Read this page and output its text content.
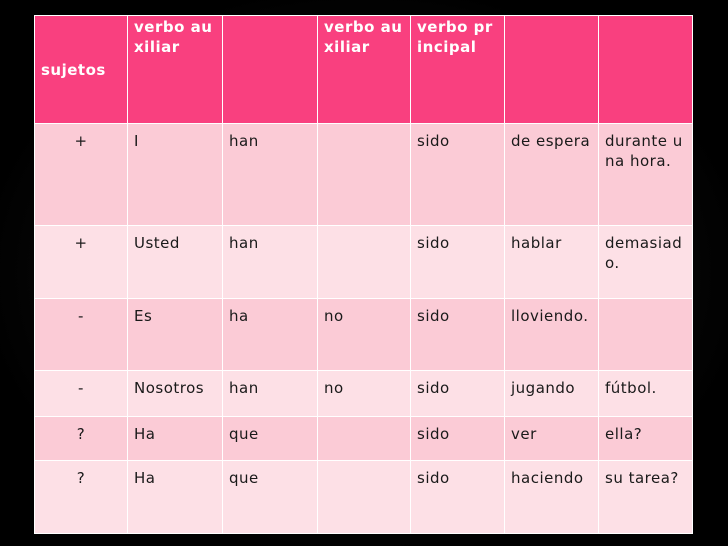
sujetos	verbo auxiliar		verbo auxiliar	verbo principal		
+	I	han		sido	de espera	durante una hora.
+	Usted	han		sido	hablar	demasiado.
-	Es	ha	no	sido	lloviendo.	
-	Nosotros	han	no	sido	jugando	fútbol.
?	Ha	que		sido	ver	ella?
?	Ha	que		sido	haciendo	su tarea?
